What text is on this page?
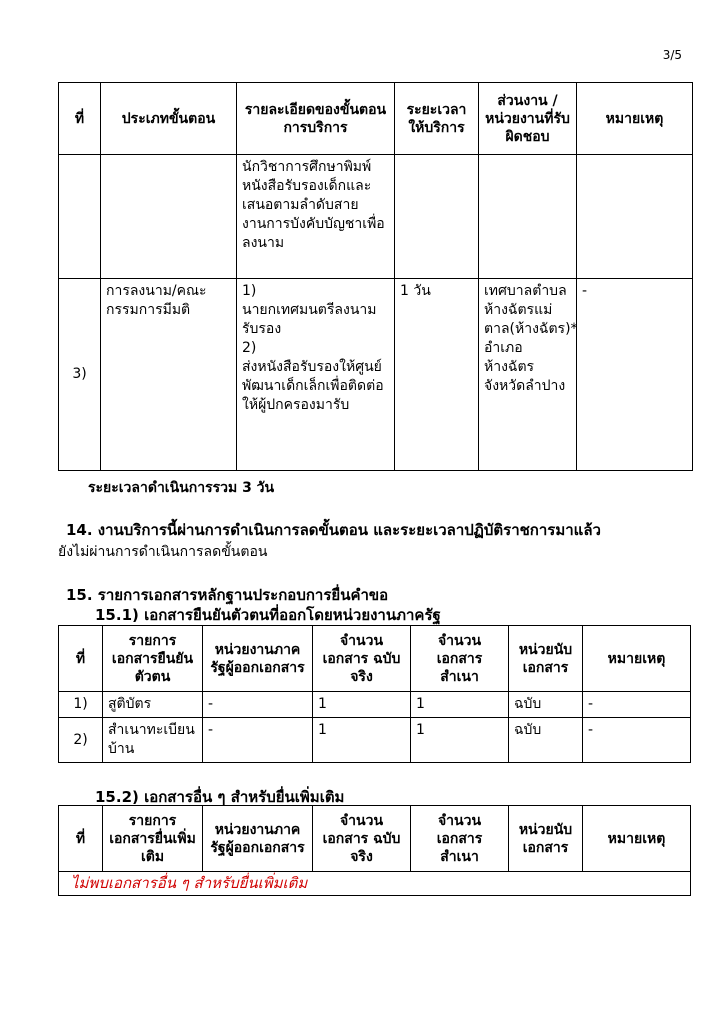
3/5
ที่	ประเภทขั้นตอน	รายละเอียดของขั้นตอนการบริการ	ระยะเวลาให้บริการ	ส่วนงาน / หน่วยงานที่รับผิดชอบ	หมายเหตุ
		นักวิชาการศึกษาพิมพ์หนังสือรับรองเด็กและเสนอตามลำดับสายงานการบังคับบัญชาเพื่อลงนาม			
3)	การลงนาม/คณะกรรมการมีมติ	1)
นายกเทศมนตรีลงนามรับรอง
2)
ส่งหนังสือรับรองให้ศูนย์พัฒนาเด็กเล็กเพื่อติดต่อให้ผู้ปกครองมารับ	1 วัน	เทศบาลตำบลห้างฉัตรแม่ตาล(ห้างฉัตร)*
อำเภอห้างฉัตรจังหวัดลำปาง	-
ระยะเวลาดำเนินการรวม 3 วัน
14. งานบริการนี้ผ่านการดำเนินการลดขั้นตอน และระยะเวลาปฏิบัติราชการมาแล้ว
ยังไม่ผ่านการดำเนินการลดขั้นตอน
15. รายการเอกสารหลักฐานประกอบการยื่นคำขอ
15.1) เอกสารยืนยันตัวตนที่ออกโดยหน่วยงานภาครัฐ
ที่	รายการเอกสารยืนยันตัวตน	หน่วยงานภาครัฐผู้ออกเอกสาร	จำนวนเอกสาร ฉบับจริง	จำนวนเอกสาร สำเนา	หน่วยนับเอกสาร	หมายเหตุ
1)	สูติบัตร	-	1	1	ฉบับ	-
2)	สำเนาทะเบียนบ้าน	-	1	1	ฉบับ	-
15.2) เอกสารอื่น ๆ สำหรับยื่นเพิ่มเติม
ที่	รายการเอกสารยื่นเพิ่มเติม	หน่วยงานภาครัฐผู้ออกเอกสาร	จำนวนเอกสาร ฉบับจริง	จำนวนเอกสาร สำเนา	หน่วยนับเอกสาร	หมายเหตุ
ไม่พบเอกสารอื่น ๆ สำหรับยื่นเพิ่มเติม
